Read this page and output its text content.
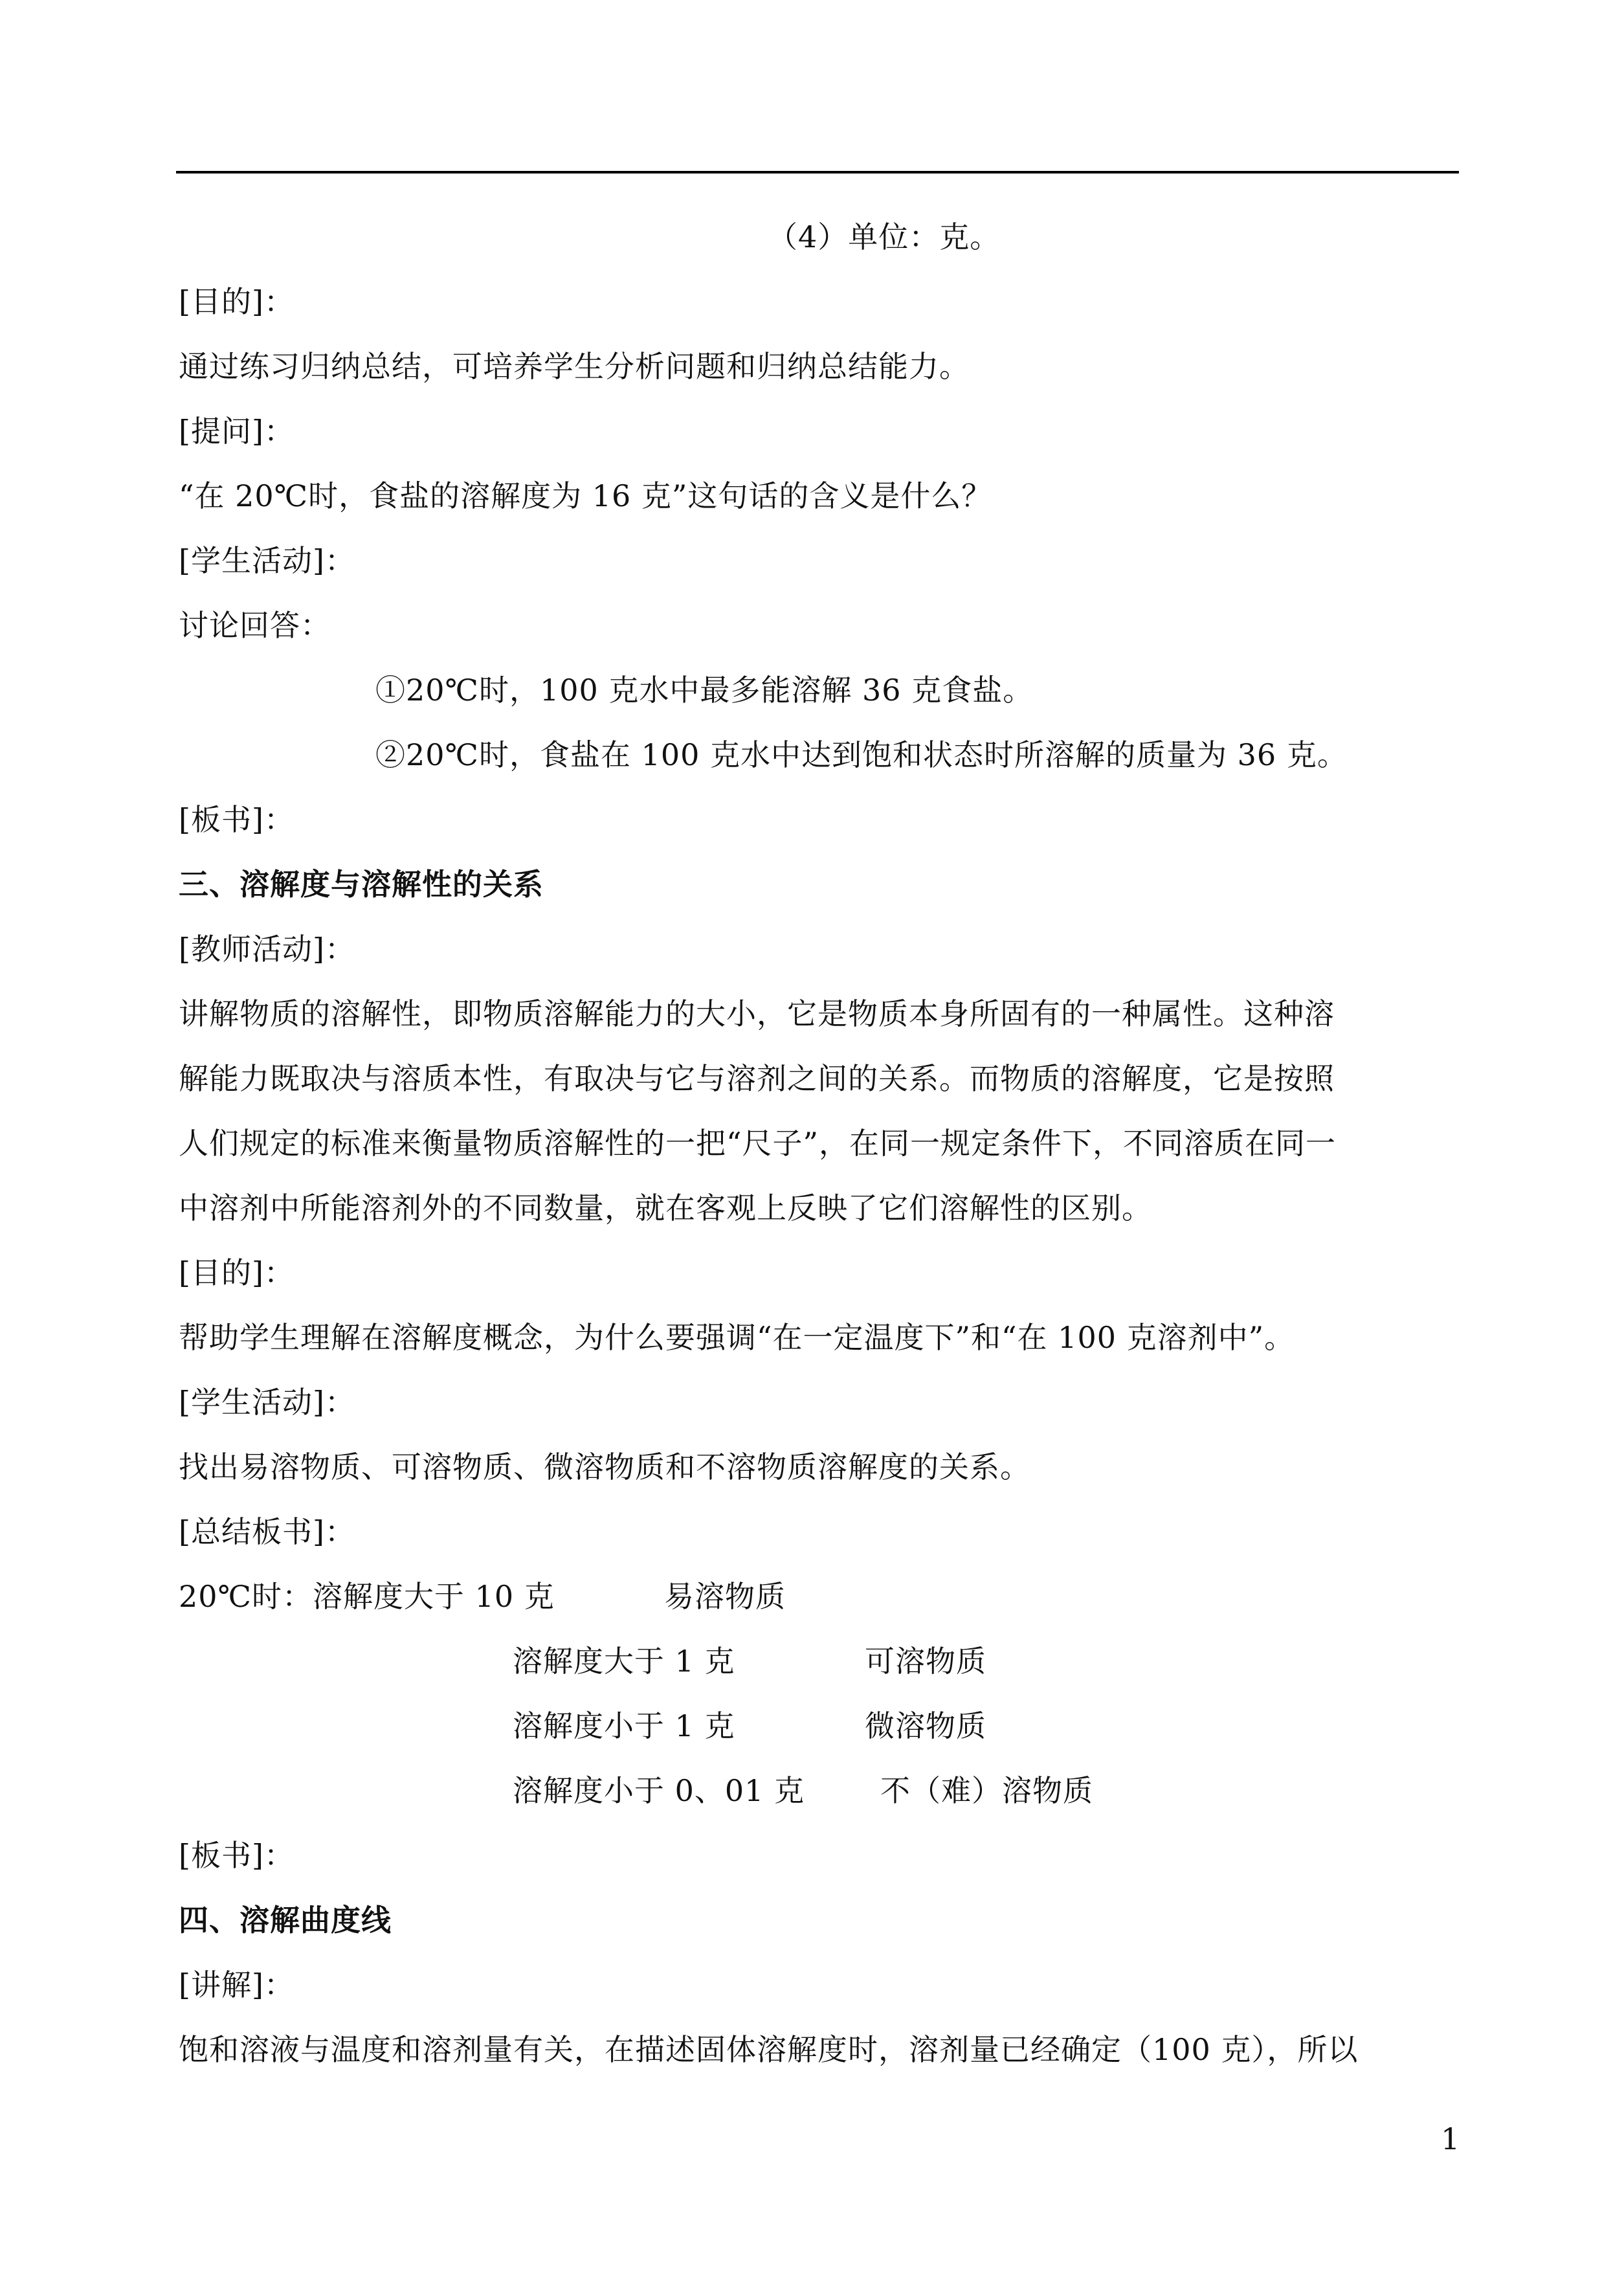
（4）单位：克。
[目的]：
通过练习归纳总结，可培养学生分析问题和归纳总结能力。
[提问]：
“在 20℃时，食盐的溶解度为 16 克”这句话的含义是什么？
[学生活动]：
讨论回答：
①20℃时，100 克水中最多能溶解 36 克食盐。
②20℃时，食盐在 100 克水中达到饱和状态时所溶解的质量为 36 克。
[板书]：
三、溶解度与溶解性的关系
[教师活动]：
讲解物质的溶解性，即物质溶解能力的大小，它是物质本身所固有的一种属性。这种溶
解能力既取决与溶质本性，有取决与它与溶剂之间的关系。而物质的溶解度，它是按照
人们规定的标准来衡量物质溶解性的一把“尺子”，在同一规定条件下，不同溶质在同一
中溶剂中所能溶剂外的不同数量，就在客观上反映了它们溶解性的区别。
[目的]：
帮助学生理解在溶解度概念，为什么要强调“在一定温度下”和“在 100 克溶剂中”。
[学生活动]：
找出易溶物质、可溶物质、微溶物质和不溶物质溶解度的关系。
[总结板书]：
20℃时：溶解度大于 10 克	易溶物质
溶解度大于 1 克	可溶物质
溶解度小于 1 克	微溶物质
溶解度小于 0、01 克	不（难）溶物质
[板书]：
四、溶解曲度线
[讲解]：
饱和溶液与温度和溶剂量有关，在描述固体溶解度时，溶剂量已经确定（100 克），所以
1
